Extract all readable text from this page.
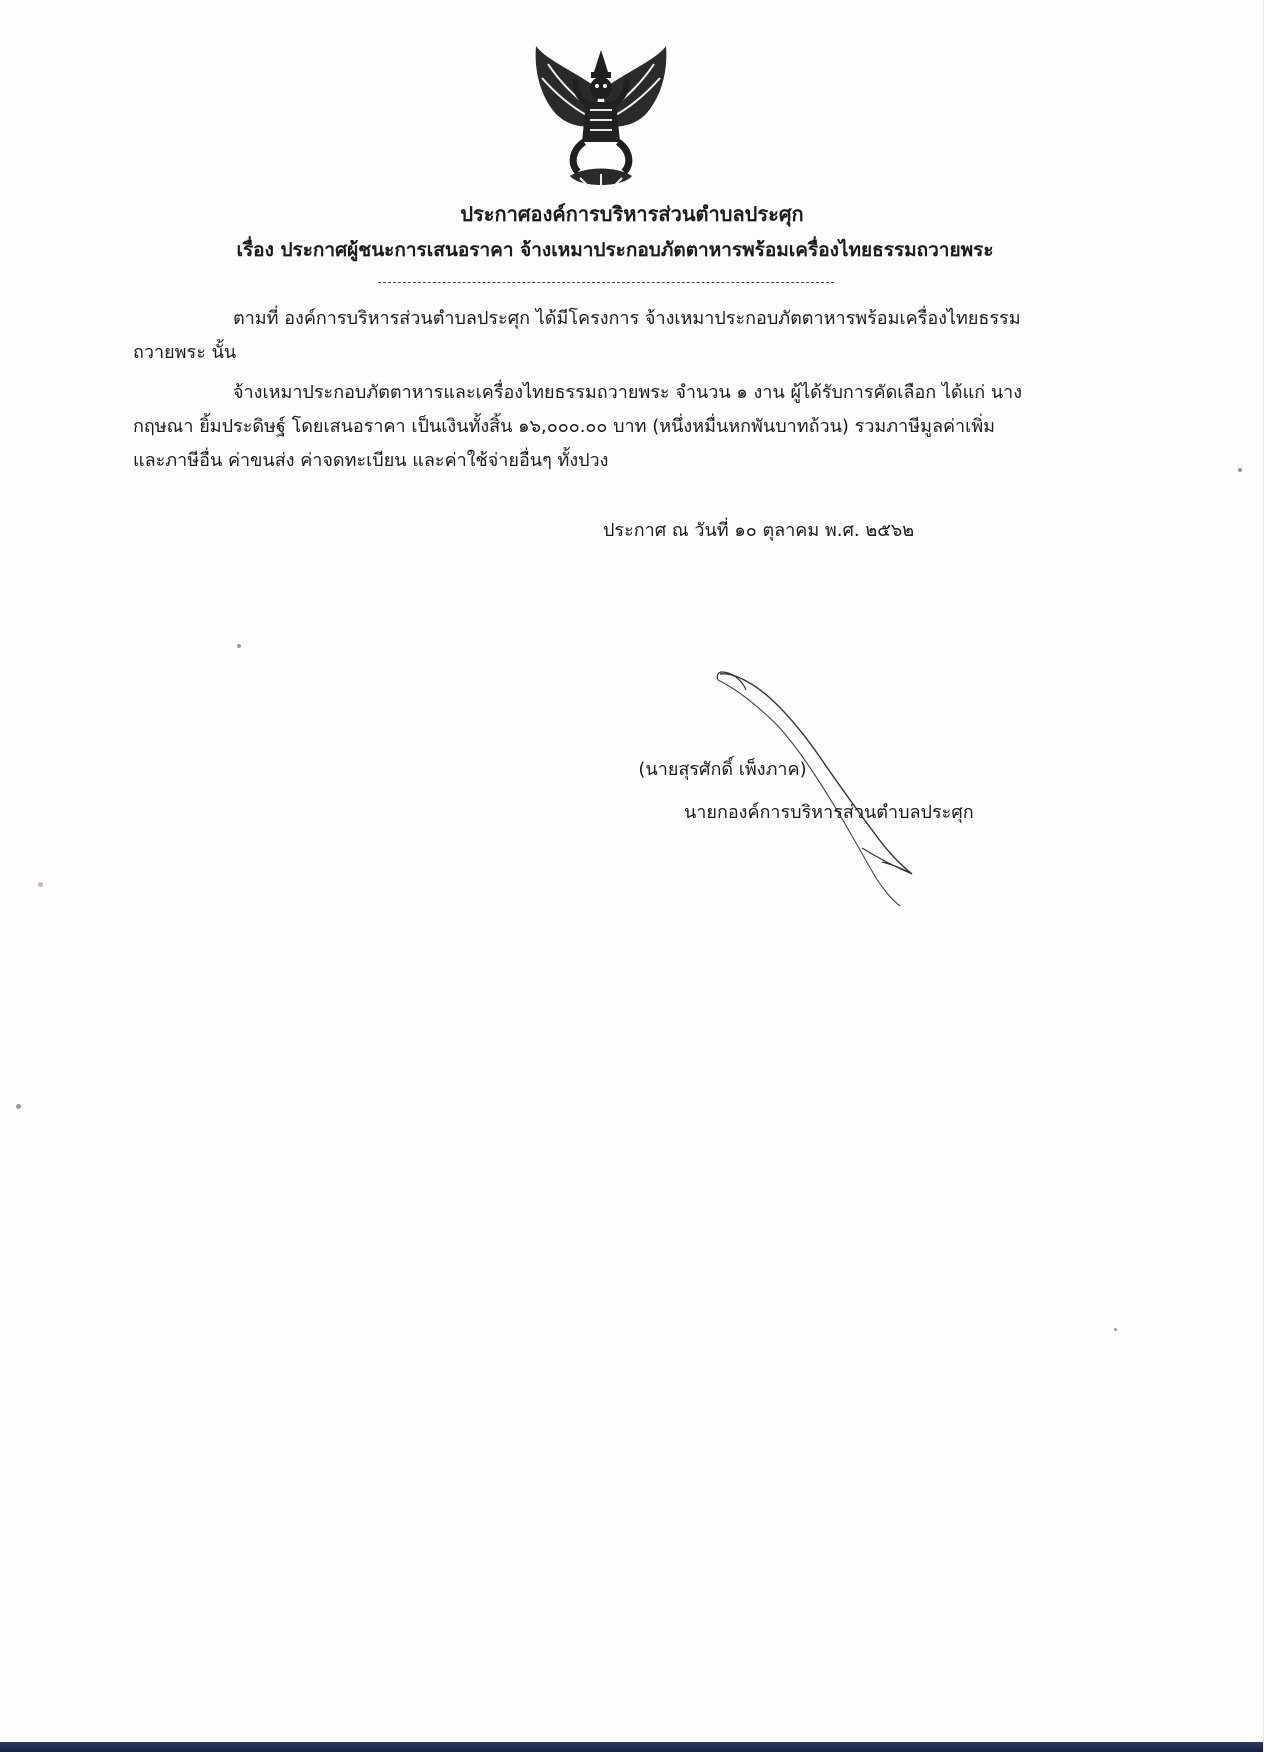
ประกาศองค์การบริหารส่วนตำบลประศุก
เรื่อง ประกาศผู้ชนะการเสนอราคา จ้างเหมาประกอบภัตตาหารพร้อมเครื่องไทยธรรมถวายพระ
ตามที่ องค์การบริหารส่วนตำบลประศุก ได้มีโครงการ จ้างเหมาประกอบภัตตาหารพร้อมเครื่องไทยธรรม
ถวายพระ นั้น
จ้างเหมาประกอบภัตตาหารและเครื่องไทยธรรมถวายพระ จำนวน ๑ งาน ผู้ได้รับการคัดเลือก ได้แก่ นาง
กฤษณา ยิ้มประดิษฐ์ โดยเสนอราคา เป็นเงินทั้งสิ้น ๑๖,๐๐๐.๐๐ บาท (หนึ่งหมื่นหกพันบาทถ้วน) รวมภาษีมูลค่าเพิ่ม
และภาษีอื่น ค่าขนส่ง ค่าจดทะเบียน และค่าใช้จ่ายอื่นๆ ทั้งปวง
ประกาศ ณ วันที่ ๑๐ ตุลาคม พ.ศ. ๒๕๖๒
(นายสุรศักดิ์ เพ็งภาค)
นายกองค์การบริหารส่วนตำบลประศุก
